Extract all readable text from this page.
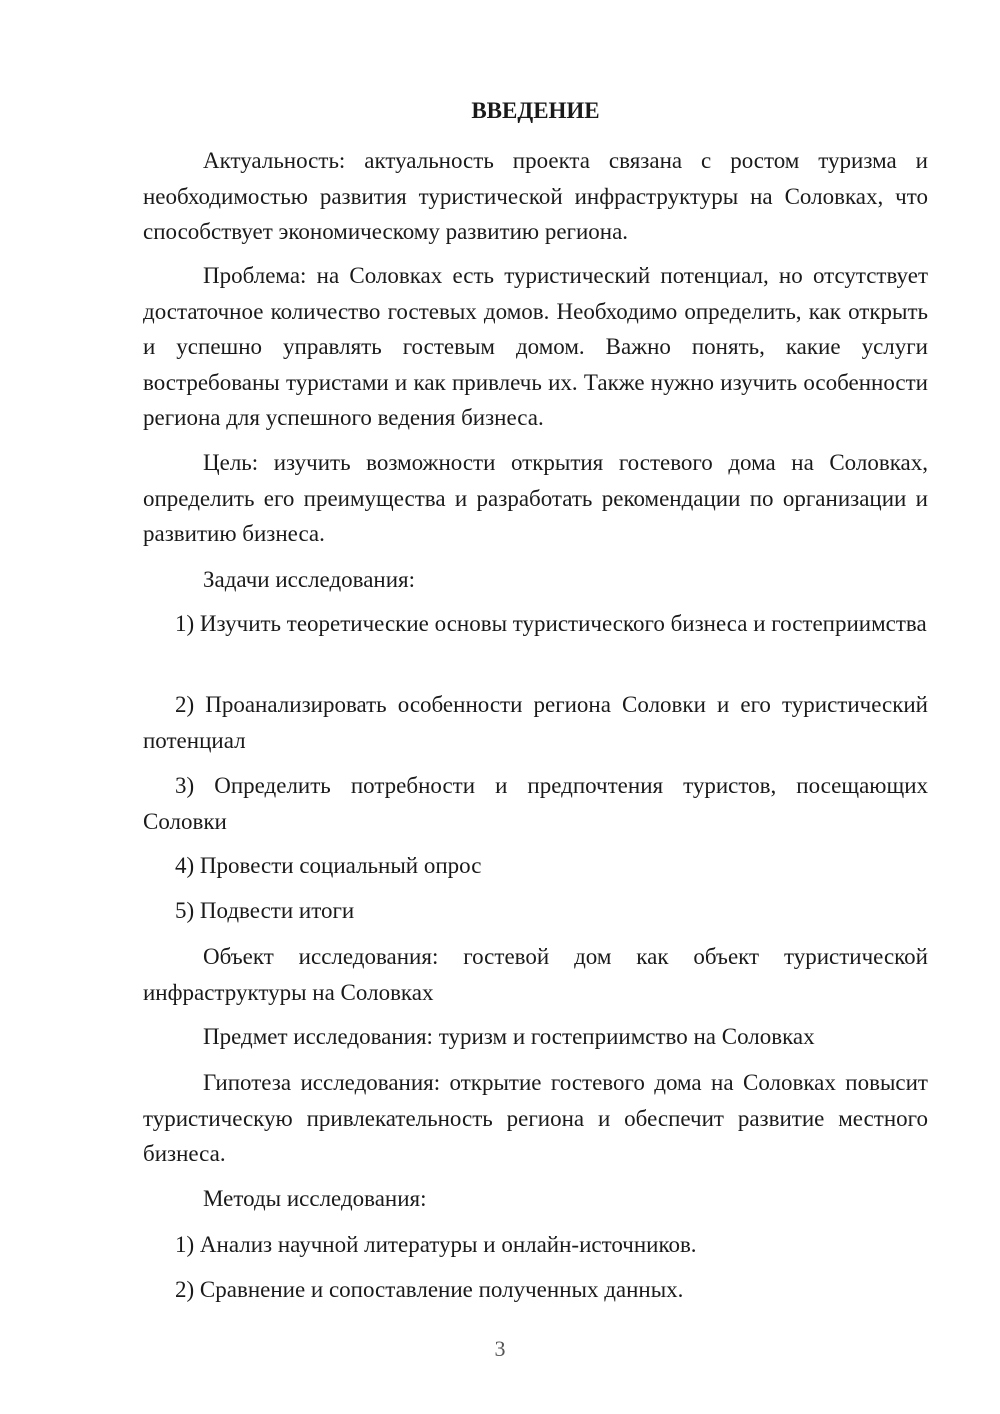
ВВЕДЕНИЕ

Актуальность: актуальность проекта связана с ростом туризма и необходимостью развития туристической инфраструктуры на Соловках, что способствует экономическому развитию региона.

Проблема: на Соловках есть туристический потенциал, но отсутствует достаточное количество гостевых домов. Необходимо определить, как открыть и успешно управлять гостевым домом. Важно понять, какие услуги востребованы туристами и как привлечь их. Также нужно изучить особенности региона для успешного ведения бизнеса.

Цель: изучить возможности открытия гостевого дома на Соловках, определить его преимущества и разработать рекомендации по организации и развитию бизнеса.

Задачи исследования:

1) Изучить теоретические основы туристического бизнеса и гостеприимства

2) Проанализировать особенности региона Соловки и его туристический потенциал

3) Определить потребности и предпочтения туристов, посещающих Соловки

4) Провести социальный опрос

5) Подвести итоги

Объект исследования: гостевой дом как объект туристической инфраструктуры на Соловках

Предмет исследования: туризм и гостеприимство на Соловках

Гипотеза исследования: открытие гостевого дома на Соловках повысит туристическую привлекательность региона и обеспечит развитие местного бизнеса.

Методы исследования:

1) Анализ научной литературы и онлайн-источников.

2) Сравнение и сопоставление полученных данных.

3
